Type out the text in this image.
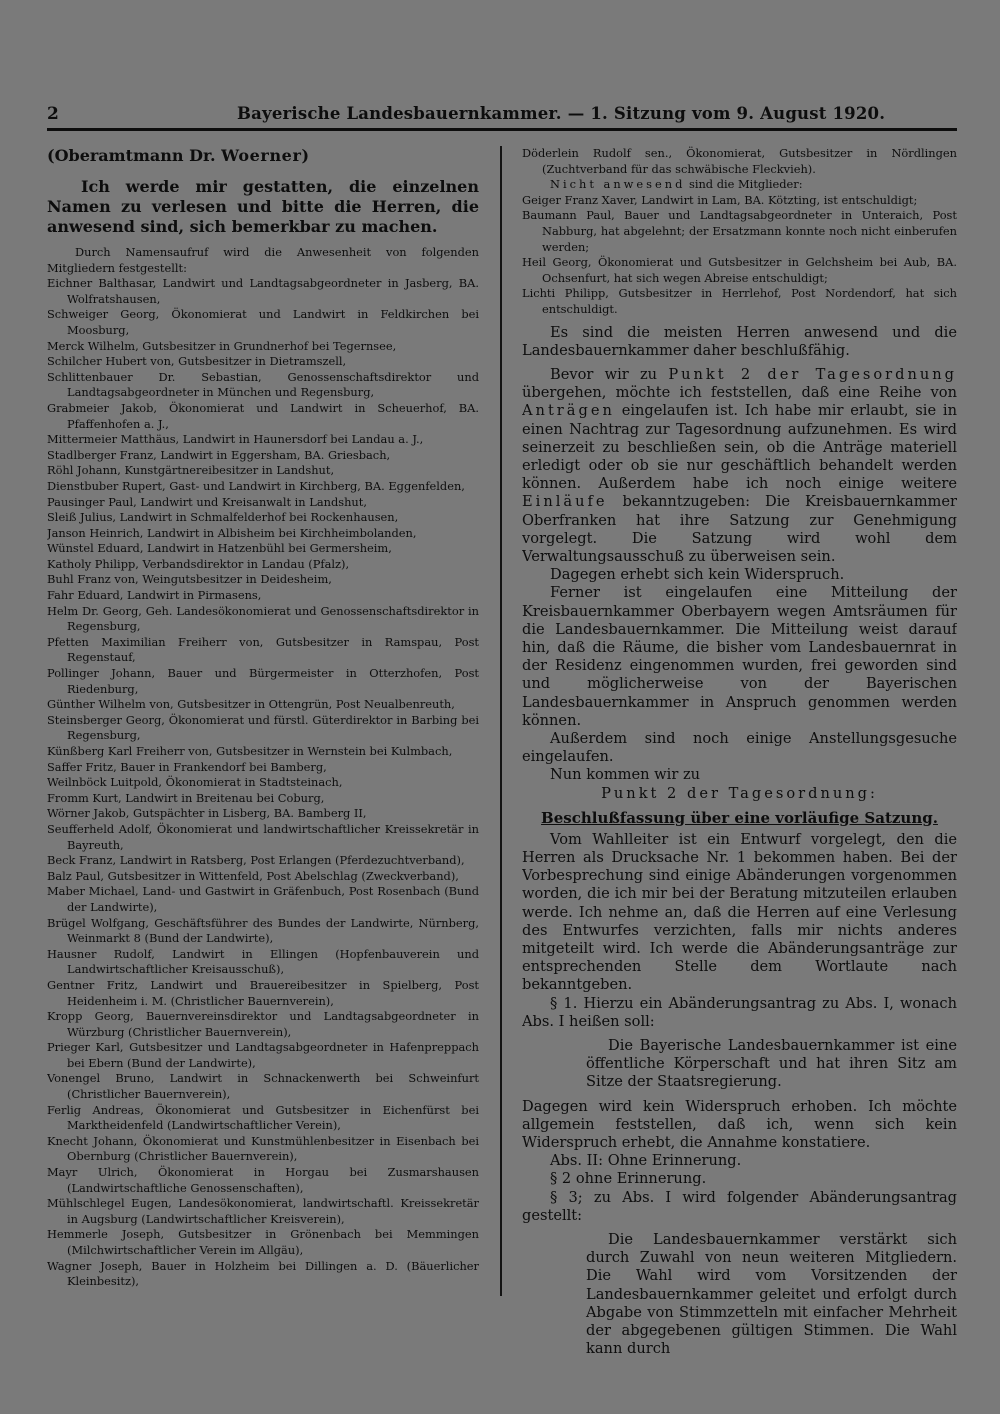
2	Bayerische Landesbauernkammer. — 1. Sitzung vom 9. August 1920.

(Oberamtmann Dr. Woerner)

Ich werde mir gestatten, die einzelnen Namen zu verlesen und bitte die Herren, die anwesend sind, sich bemerkbar zu machen.

Durch Namensaufruf wird die Anwesenheit von folgenden Mitgliedern festgestellt:

Eichner Balthasar, Landwirt und Landtagsabgeordneter in Jasberg, BA. Wolfratshausen,

Schweiger Georg, Ökonomierat und Landwirt in Feldkirchen bei Moosburg,

Merck Wilhelm, Gutsbesitzer in Grundnerhof bei Tegernsee,

Schilcher Hubert von, Gutsbesitzer in Dietramszell,

Schlittenbauer Dr. Sebastian, Genossenschaftsdirektor und Landtagsabgeordneter in München und Regensburg,

Grabmeier Jakob, Ökonomierat und Landwirt in Scheuerhof, BA. Pfaffenhofen a. J.,

Mittermeier Matthäus, Landwirt in Haunersdorf bei Landau a. J.,

Stadlberger Franz, Landwirt in Eggersham, BA. Griesbach,

Röhl Johann, Kunstgärtnereibesitzer in Landshut,

Dienstbuber Rupert, Gast- und Landwirt in Kirchberg, BA. Eggenfelden,

Pausinger Paul, Landwirt und Kreisanwalt in Landshut,

Sleiß Julius, Landwirt in Schmalfelderhof bei Rockenhausen,

Janson Heinrich, Landwirt in Albisheim bei Kirchheimbolanden,

Wünstel Eduard, Landwirt in Hatzenbühl bei Germersheim,

Katholy Philipp, Verbandsdirektor in Landau (Pfalz),

Buhl Franz von, Weingutsbesitzer in Deidesheim,

Fahr Eduard, Landwirt in Pirmasens,

Helm Dr. Georg, Geh. Landesökonomierat und Genossenschaftsdirektor in Regensburg,

Pfetten Maximilian Freiherr von, Gutsbesitzer in Ramspau, Post Regenstauf,

Pollinger Johann, Bauer und Bürgermeister in Otterzhofen, Post Riedenburg,

Günther Wilhelm von, Gutsbesitzer in Ottengrün, Post Neualbenreuth,

Steinsberger Georg, Ökonomierat und fürstl. Güterdirektor in Barbing bei Regensburg,

Künßberg Karl Freiherr von, Gutsbesitzer in Wernstein bei Kulmbach,

Saffer Fritz, Bauer in Frankendorf bei Bamberg,

Weilnböck Luitpold, Ökonomierat in Stadtsteinach,

Fromm Kurt, Landwirt in Breitenau bei Coburg,

Wörner Jakob, Gutspächter in Lisberg, BA. Bamberg II,

Seufferheld Adolf, Ökonomierat und landwirtschaftlicher Kreissekretär in Bayreuth,

Beck Franz, Landwirt in Ratsberg, Post Erlangen (Pferdezuchtverband),

Balz Paul, Gutsbesitzer in Wittenfeld, Post Abelschlag (Zweckverband),

Maber Michael, Land- und Gastwirt in Gräfenbuch, Post Rosenbach (Bund der Landwirte),

Brügel Wolfgang, Geschäftsführer des Bundes der Landwirte, Nürnberg, Weinmarkt 8 (Bund der Landwirte),

Hausner Rudolf, Landwirt in Ellingen (Hopfenbauverein und Landwirtschaftlicher Kreisausschuß),

Gentner Fritz, Landwirt und Brauereibesitzer in Spielberg, Post Heidenheim i. M. (Christlicher Bauernverein),

Kropp Georg, Bauernvereinsdirektor und Landtagsabgeordneter in Würzburg (Christlicher Bauernverein),

Prieger Karl, Gutsbesitzer und Landtagsabgeordneter in Hafenpreppach bei Ebern (Bund der Landwirte),

Vonengel Bruno, Landwirt in Schnackenwerth bei Schweinfurt (Christlicher Bauernverein),

Ferlig Andreas, Ökonomierat und Gutsbesitzer in Eichenfürst bei Marktheidenfeld (Landwirtschaftlicher Verein),

Knecht Johann, Ökonomierat und Kunstmühlenbesitzer in Eisenbach bei Obernburg (Christlicher Bauernverein),

Mayr Ulrich, Ökonomierat in Horgau bei Zusmarshausen (Landwirtschaftliche Genossenschaften),

Mühlschlegel Eugen, Landesökonomierat, landwirtschaftl. Kreissekretär in Augsburg (Landwirtschaftlicher Kreisverein),

Hemmerle Joseph, Gutsbesitzer in Grönenbach bei Memmingen (Milchwirtschaftlicher Verein im Allgäu),

Wagner Joseph, Bauer in Holzheim bei Dillingen a. D. (Bäuerlicher Kleinbesitz),

Döderlein Rudolf sen., Ökonomierat, Gutsbesitzer in Nördlingen (Zuchtverband für das schwäbische Fleckvieh).

Nicht anwesend sind die Mitglieder:

Geiger Franz Xaver, Landwirt in Lam, BA. Kötzting, ist entschuldigt;

Baumann Paul, Bauer und Landtagsabgeordneter in Unteraich, Post Nabburg, hat abgelehnt; der Ersatzmann konnte noch nicht einberufen werden;

Heil Georg, Ökonomierat und Gutsbesitzer in Gelchsheim bei Aub, BA. Ochsenfurt, hat sich wegen Abreise entschuldigt;

Lichti Philipp, Gutsbesitzer in Herrlehof, Post Nordendorf, hat sich entschuldigt.

Es sind die meisten Herren anwesend und die Landesbauernkammer daher beschlußfähig.

Bevor wir zu Punkt 2 der Tagesordnung übergehen, möchte ich feststellen, daß eine Reihe von Anträgen eingelaufen ist. Ich habe mir erlaubt, sie in einen Nachtrag zur Tagesordnung aufzunehmen. Es wird seinerzeit zu beschließen sein, ob die Anträge materiell erledigt oder ob sie nur geschäftlich behandelt werden können. Außerdem habe ich noch einige weitere Einläufe bekanntzugeben: Die Kreisbauernkammer Oberfranken hat ihre Satzung zur Genehmigung vorgelegt. Die Satzung wird wohl dem Verwaltungsausschuß zu überweisen sein.

Dagegen erhebt sich kein Widerspruch.

Ferner ist eingelaufen eine Mitteilung der Kreisbauernkammer Oberbayern wegen Amtsräumen für die Landesbauernkammer. Die Mitteilung weist darauf hin, daß die Räume, die bisher vom Landesbauernrat in der Residenz eingenommen wurden, frei geworden sind und möglicherweise von der Bayerischen Landesbauernkammer in Anspruch genommen werden können.

Außerdem sind noch einige Anstellungsgesuche eingelaufen.

Nun kommen wir zu

Punkt 2 der Tagesordnung:

Beschlußfassung über eine vorläufige Satzung.

Vom Wahlleiter ist ein Entwurf vorgelegt, den die Herren als Drucksache Nr. 1 bekommen haben. Bei der Vorbesprechung sind einige Abänderungen vorgenommen worden, die ich mir bei der Beratung mitzuteilen erlauben werde. Ich nehme an, daß die Herren auf eine Verlesung des Entwurfes verzichten, falls mir nichts anderes mitgeteilt wird. Ich werde die Abänderungsanträge zur entsprechenden Stelle dem Wortlaute nach bekanntgeben.

§ 1. Hierzu ein Abänderungsantrag zu Abs. I, wonach Abs. I heißen soll:

Die Bayerische Landesbauernkammer ist eine öffentliche Körperschaft und hat ihren Sitz am Sitze der Staatsregierung.

Dagegen wird kein Widerspruch erhoben. Ich möchte allgemein feststellen, daß ich, wenn sich kein Widerspruch erhebt, die Annahme konstatiere.

Abs. II: Ohne Erinnerung.

§ 2 ohne Erinnerung.

§ 3; zu Abs. I wird folgender Abänderungsantrag gestellt:

Die Landesbauernkammer verstärkt sich durch Zuwahl von neun weiteren Mitgliedern. Die Wahl wird vom Vorsitzenden der Landesbauernkammer geleitet und erfolgt durch Abgabe von Stimmzetteln mit einfacher Mehrheit der abgegebenen gültigen Stimmen. Die Wahl kann durch
